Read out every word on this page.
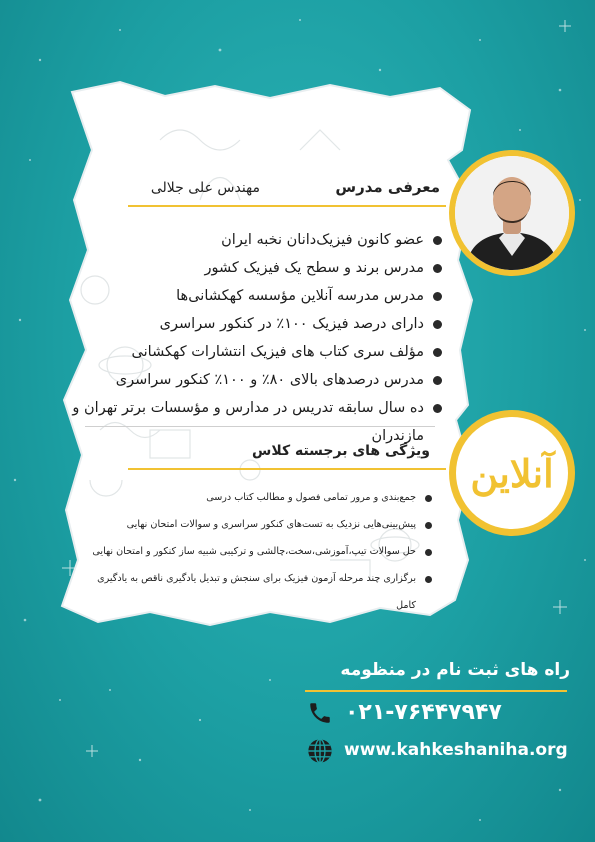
معرفی مدرس
مهندس علی جلالی
عضو کانون فیزیک‌دانان نخبه ایران
مدرس برند و سطح یک فیزیک کشور
مدرس مدرسه آنلاین مؤسسه کهکشانی‌ها
دارای درصد فیزیک ۱۰۰٪ در کنکور سراسری
مؤلف سری کتاب های فیزیک انتشارات کهکشانی
مدرس درصدهای بالای ۸۰٪ و ۱۰۰٪ کنکور سراسری
ده سال سابقه تدریس در مدارس و مؤسسات برتر تهران و مازندران
آنلاین
ویژگی های برجسته کلاس
جمع‌بندی و مرور تمامی فصول و مطالب کتاب درسی
پیش‌بینی‌هایی نزدیک به تست‌های کنکور سراسری و سوالات امتحان نهایی
حل سوالات تیپ،آموزشی،سخت،چالشی و ترکیبی شبیه ساز کنکور و امتحان نهایی
برگزاری چند مرحله آزمون فیزیک برای سنجش و تبدیل یادگیری ناقص به یادگیری کامل
راه های ثبت نام در منظومه
۰۲۱-۷۶۴۴۷۹۴۷
www.kahkeshaniha.org
